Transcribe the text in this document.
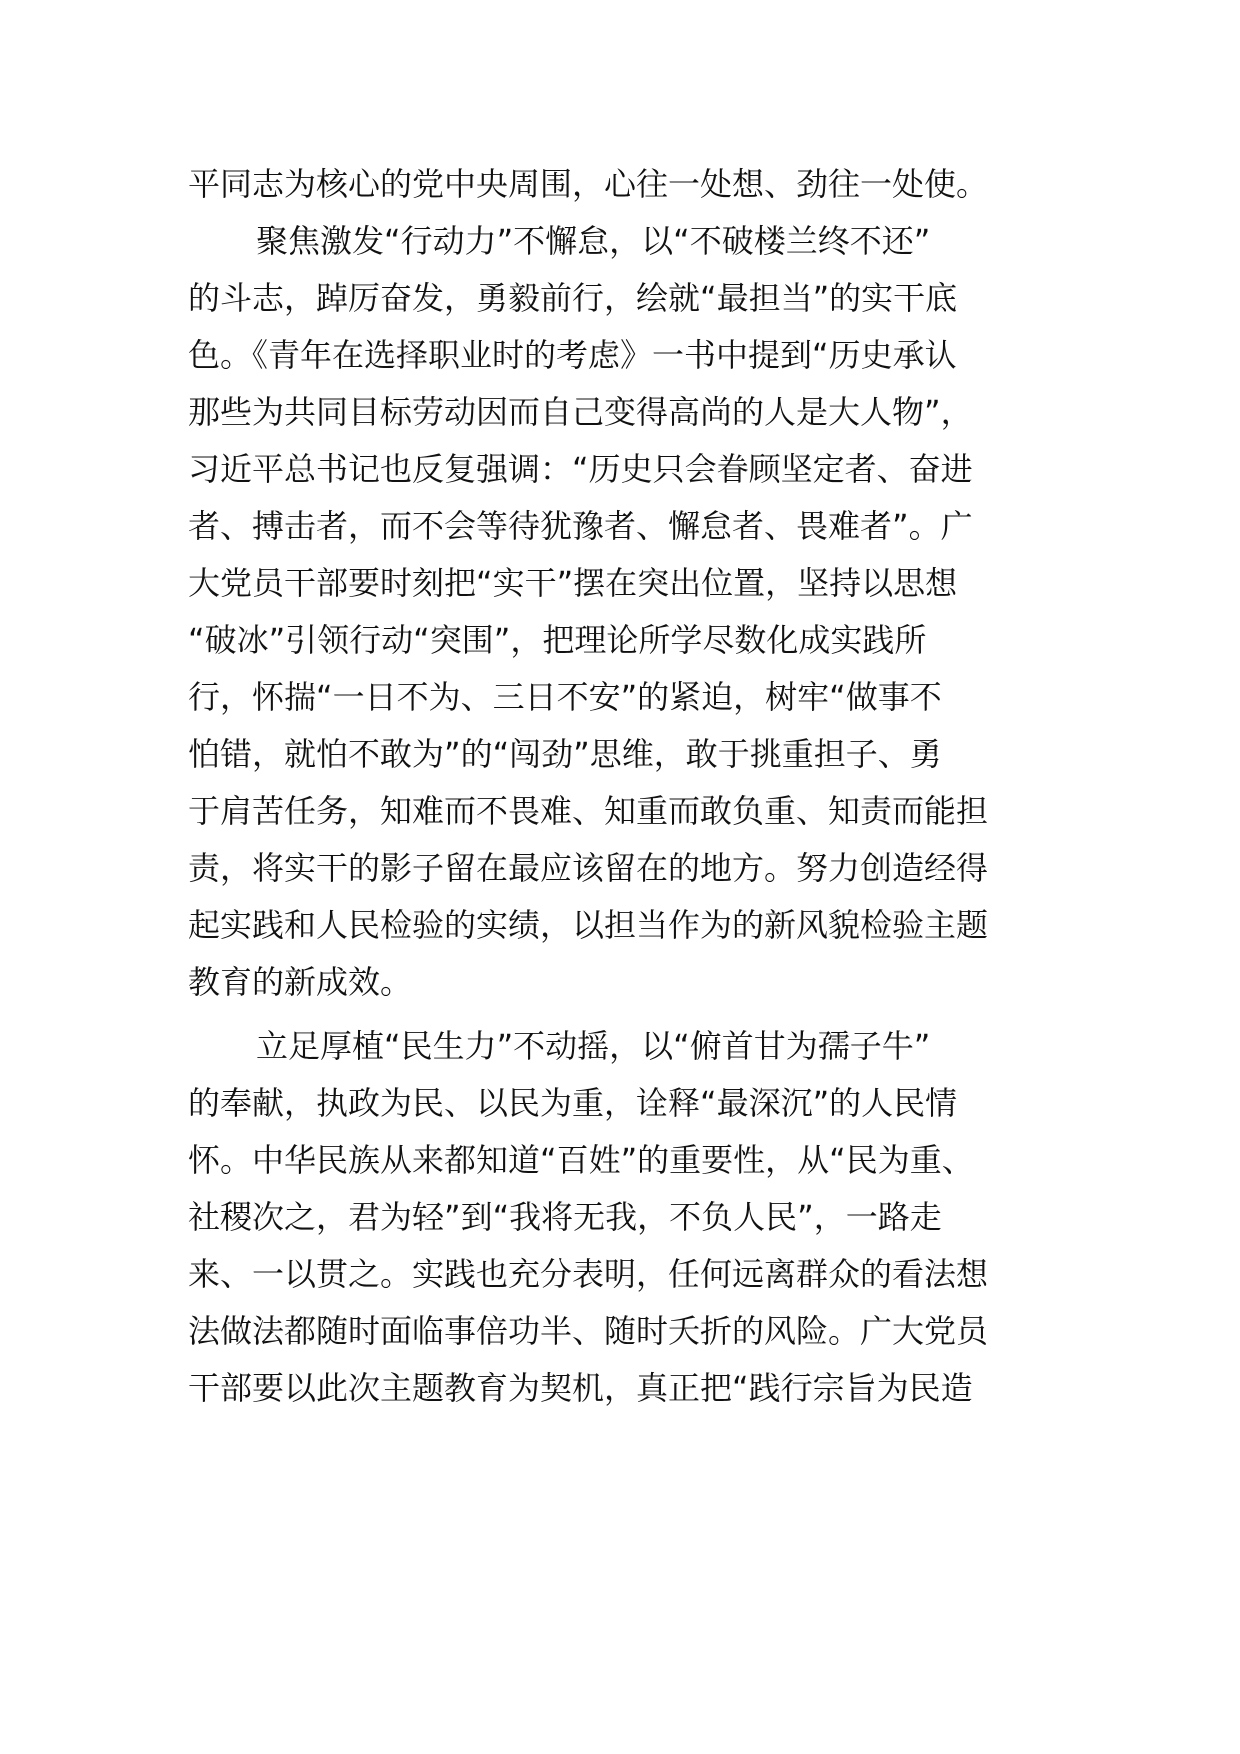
平同志为核心的党中央周围，心往一处想、劲往一处使。
聚焦激发“行动力”不懈怠，以“不破楼兰终不还”
的斗志，踔厉奋发，勇毅前行，绘就“最担当”的实干底
色。《青年在选择职业时的考虑》一书中提到“历史承认
那些为共同目标劳动因而自己变得高尚的人是大人物”，
习近平总书记也反复强调：“历史只会眷顾坚定者、奋进
者、搏击者，而不会等待犹豫者、懈怠者、畏难者”。广
大党员干部要时刻把“实干”摆在突出位置，坚持以思想
“破冰”引领行动“突围”，把理论所学尽数化成实践所
行，怀揣“一日不为、三日不安”的紧迫，树牢“做事不
怕错，就怕不敢为”的“闯劲”思维，敢于挑重担子、勇
于肩苦任务，知难而不畏难、知重而敢负重、知责而能担
责，将实干的影子留在最应该留在的地方。努力创造经得
起实践和人民检验的实绩，以担当作为的新风貌检验主题
教育的新成效。
立足厚植“民生力”不动摇，以“俯首甘为孺子牛”
的奉献，执政为民、以民为重，诠释“最深沉”的人民情
怀。中华民族从来都知道“百姓”的重要性，从“民为重、
社稷次之，君为轻”到“我将无我，不负人民”，一路走
来、一以贯之。实践也充分表明，任何远离群众的看法想
法做法都随时面临事倍功半、随时夭折的风险。广大党员
干部要以此次主题教育为契机，真正把“践行宗旨为民造
